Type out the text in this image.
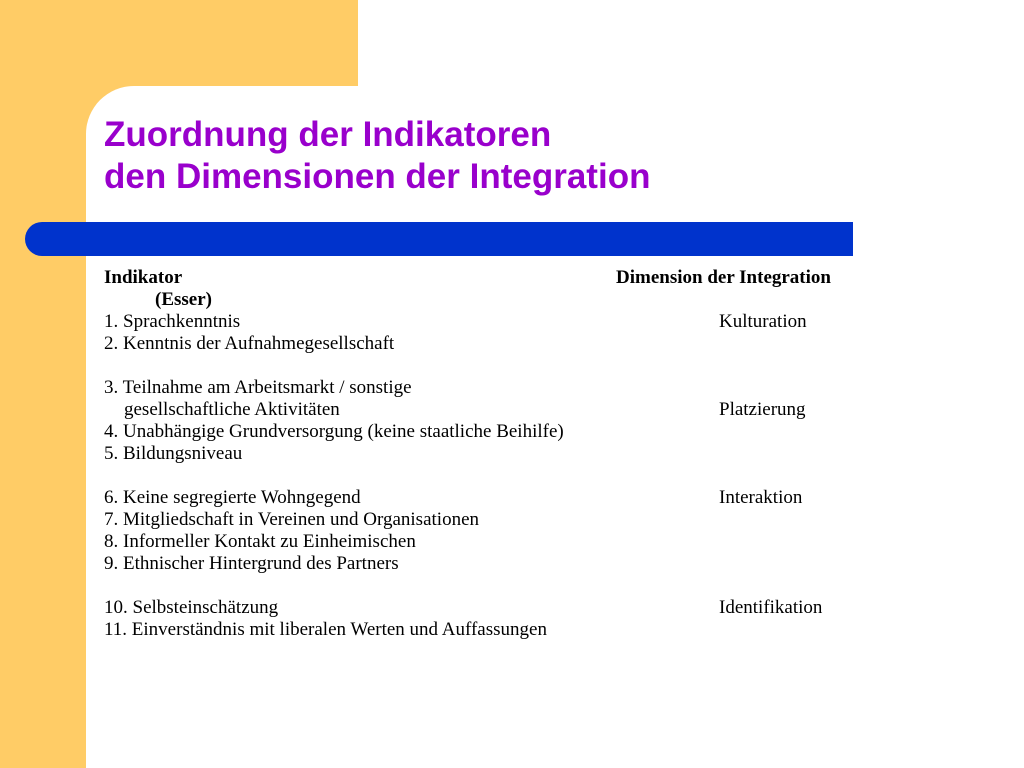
Zuordnung der Indikatoren
den Dimensionen der Integration

Indikator	Dimension der Integration

(Esser)

1. Sprachkenntnis

2. Kenntnis der Aufnahmegesellschaft

3. Teilnahme am Arbeitsmarkt / sonstige

gesellschaftliche Aktivitäten

4. Unabhängige Grundversorgung (keine staatliche Beihilfe)

5. Bildungsniveau

6. Keine segregierte Wohngegend

7. Mitgliedschaft in Vereinen und Organisationen

8. Informeller Kontakt zu Einheimischen

9. Ethnischer Hintergrund des Partners

10. Selbsteinschätzung

11. Einverständnis mit liberalen Werten und Auffassungen

Kulturation

Platzierung

Interaktion

Identifikation
